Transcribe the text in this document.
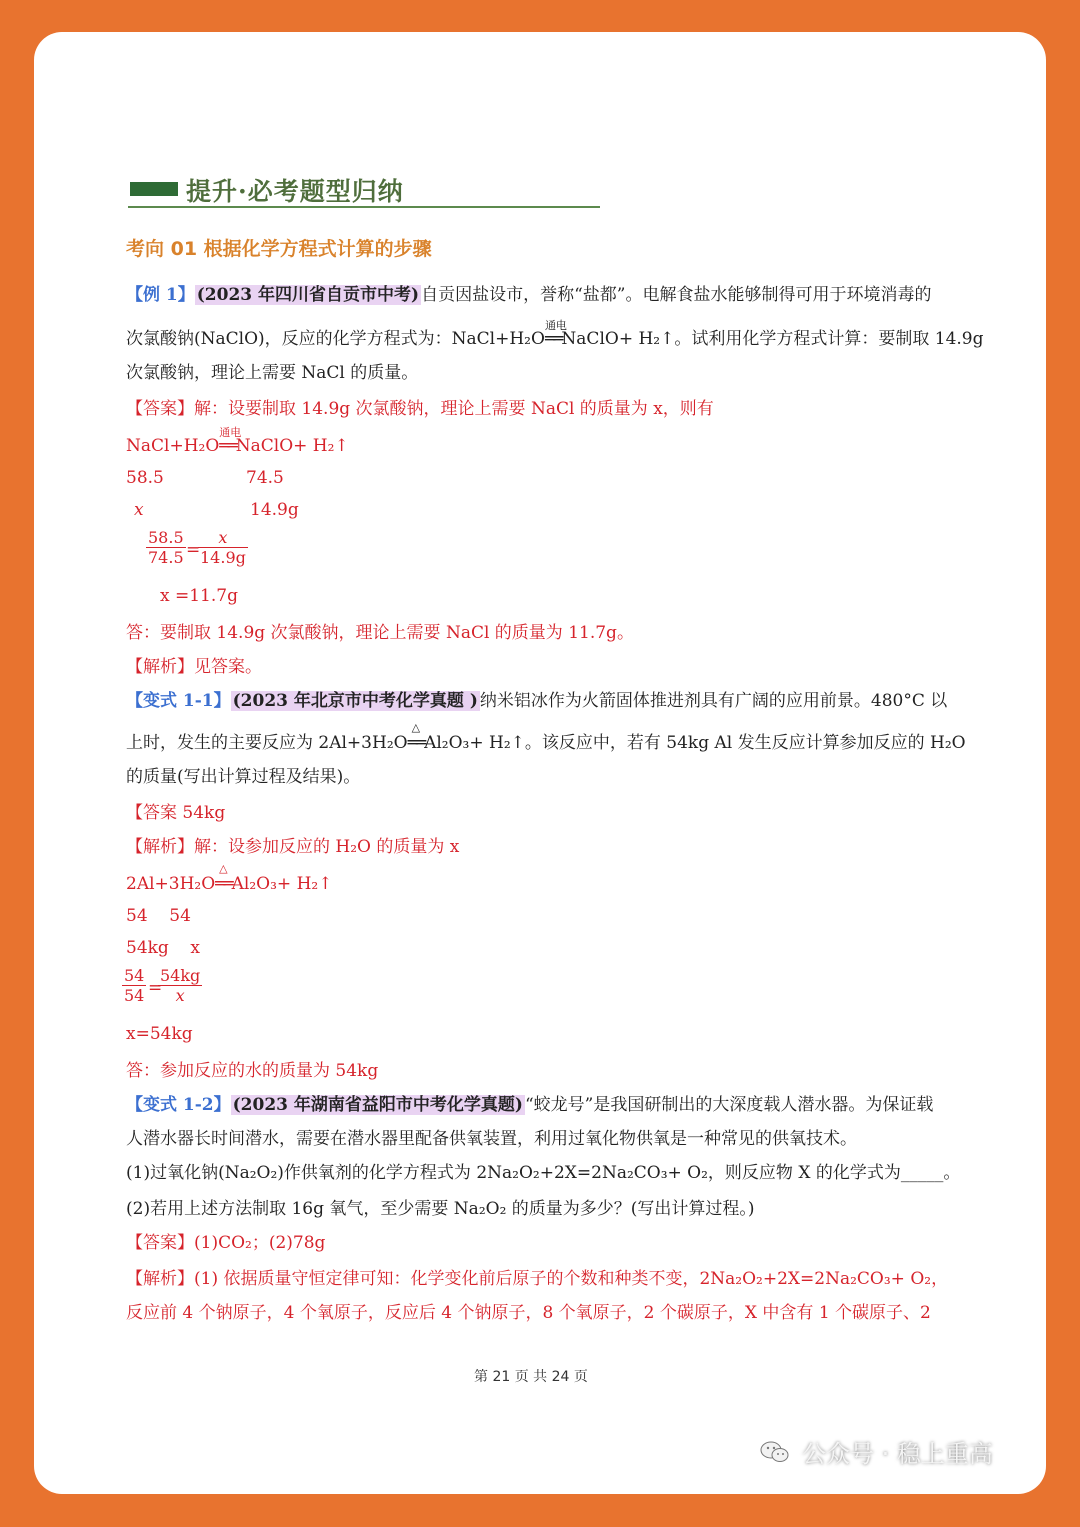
提升·必考题型归纳
考向 01 根据化学方程式计算的步骤
【例 1】 (2023 年四川省自贡市中考) 自贡因盐设市，誉称“盐都”。电解食盐水能够制得可用于环境消毒的
次氯酸钠(NaClO)，反应的化学方程式为：NaCl+H₂O
通电
══NaClO+ H₂↑。试利用化学方程式计算：要制取 14.9g
次氯酸钠，理论上需要 NaCl 的质量。
【答案】解：设要制取 14.9g 次氯酸钠，理论上需要 NaCl 的质量为 x，则有
NaCl+H₂O
通电
══NaClO+ H₂↑
58.5	74.5
x	14.9g
$\frac{58.5}{74.5}$ =
$\frac{x}{14.9g}$
x =11.7g
答：要制取 14.9g 次氯酸钠，理论上需要 NaCl 的质量为 11.7g。
【解析】见答案。
【变式 1-1】 (2023 年北京市中考化学真题 ) 纳米铝冰作为火箭固体推进剂具有广阔的应用前景。480°C 以
上时，发生的主要反应为 2Al+3H₂O
△
══Al₂O₃+ H₂↑。该反应中，若有 54kg Al 发生反应计算参加反应的 H₂O
的质量(写出计算过程及结果)。
【答案 54kg
【解析】解：设参加反应的 H₂O 的质量为 x
2Al+3H₂O
△
══Al₂O₃+ H₂↑
54    54
54kg    x
$\frac{54}{54}$ =
$\frac{54kg}{x}$
x=54kg
答：参加反应的水的质量为 54kg
【变式 1-2】 (2023 年湖南省益阳市中考化学真题) “蛟龙号”是我国研制出的大深度载人潜水器。为保证载
人潜水器长时间潜水，需要在潜水器里配备供氧装置，利用过氧化物供氧是一种常见的供氧技术。
(1)过氧化钠(Na₂O₂)作供氧剂的化学方程式为 2Na₂O₂+2X=2Na₂CO₃+ O₂，则反应物 X 的化学式为_____。
(2)若用上述方法制取 16g 氧气，至少需要 Na₂O₂ 的质量为多少？(写出计算过程。)
【答案】(1)CO₂；(2)78g
【解析】(1) 依据质量守恒定律可知：化学变化前后原子的个数和种类不变，2Na₂O₂+2X=2Na₂CO₃+ O₂，
反应前 4 个钠原子，4 个氧原子，反应后 4 个钠原子，8 个氧原子，2 个碳原子，X 中含有 1 个碳原子、2
第 21 页 共 24 页
公众号 · 稳上重高
